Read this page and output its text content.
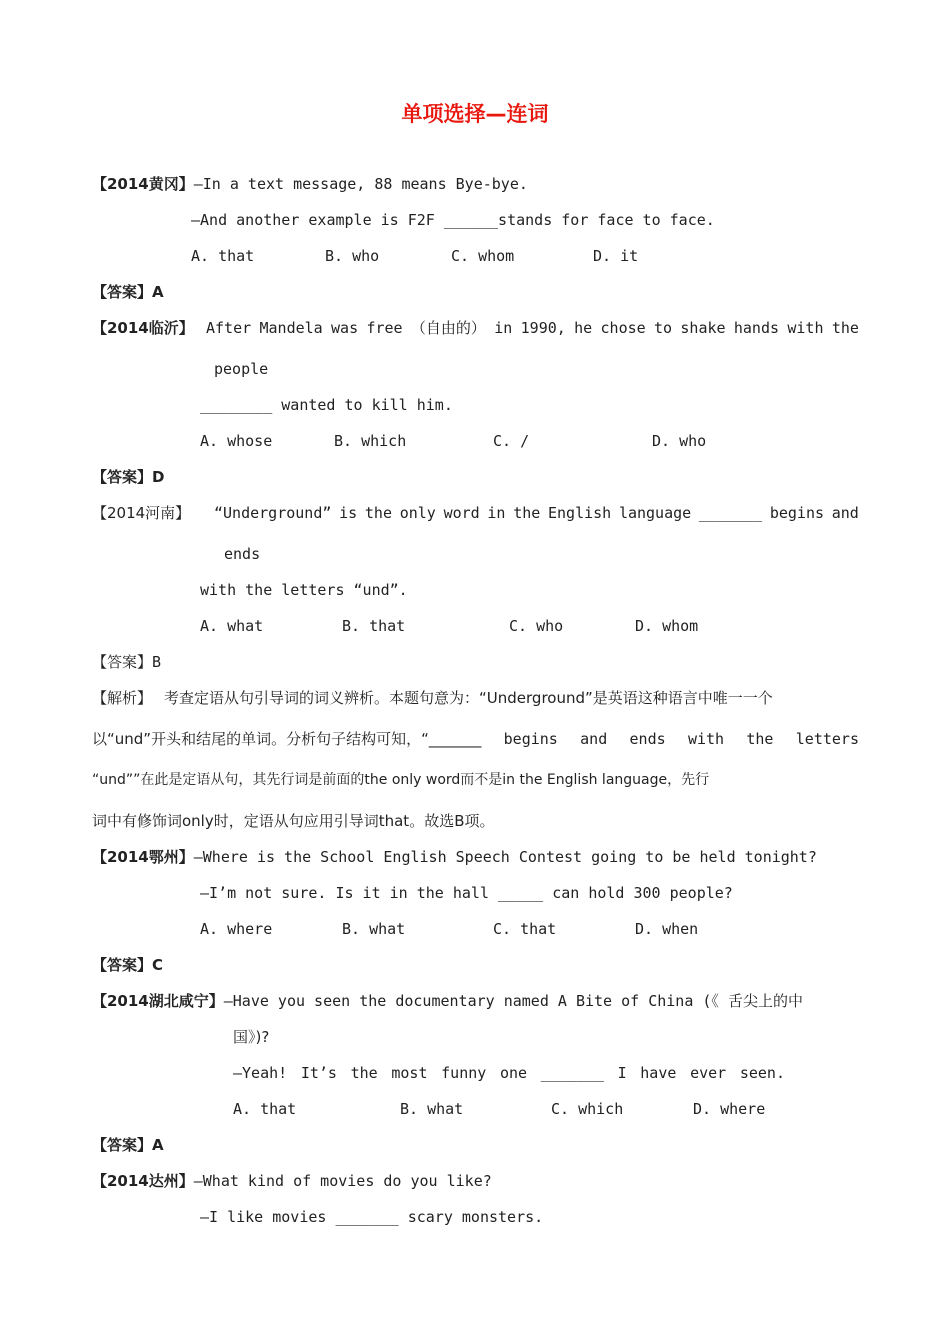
单项选择—连词
【2014黄冈】—In a text message, 88 means Bye-bye.
—And another example is F2F ______stands for face to face.
A. that	B. who	C. whom	D. it
【答案】A
【2014临沂】 After Mandela was free （自由的） in 1990, he chose to shake hands with the
people
________ wanted to kill him.
A. whose	B. which	C. /	D. who
【答案】D
【2014河南】 “Underground” is the only word in the English language _______ begins and
ends
with the letters “und”.
A. what	B. that	C. who	D. whom
【答案】B
【解析】 考查定语从句引导词的词义辨析。本题句意为：“Underground”是英语这种语言中唯一一个
以“und”开头和结尾的单词。分析句子结构可知，“_______ begins and ends with the letters
“und””在此是定语从句，其先行词是前面的the only word而不是in the English language，先行
词中有修饰词only时，定语从句应用引导词that。故选B项。
【2014鄂州】—Where is the School English Speech Contest going to be held tonight?
—I’m not sure. Is it in the hall _____ can hold 300 people?
A. where	B. what	C. that	D. when
【答案】C
【2014湖北咸宁】—Have you seen the documentary named A Bite of China (《 舌尖上的中
国》)?
—Yeah! It’s the most funny one _______ I have ever seen.
A. that	B. what	C. which	D. where
【答案】A
【2014达州】—What kind of movies do you like?
—I like movies _______ scary monsters.
